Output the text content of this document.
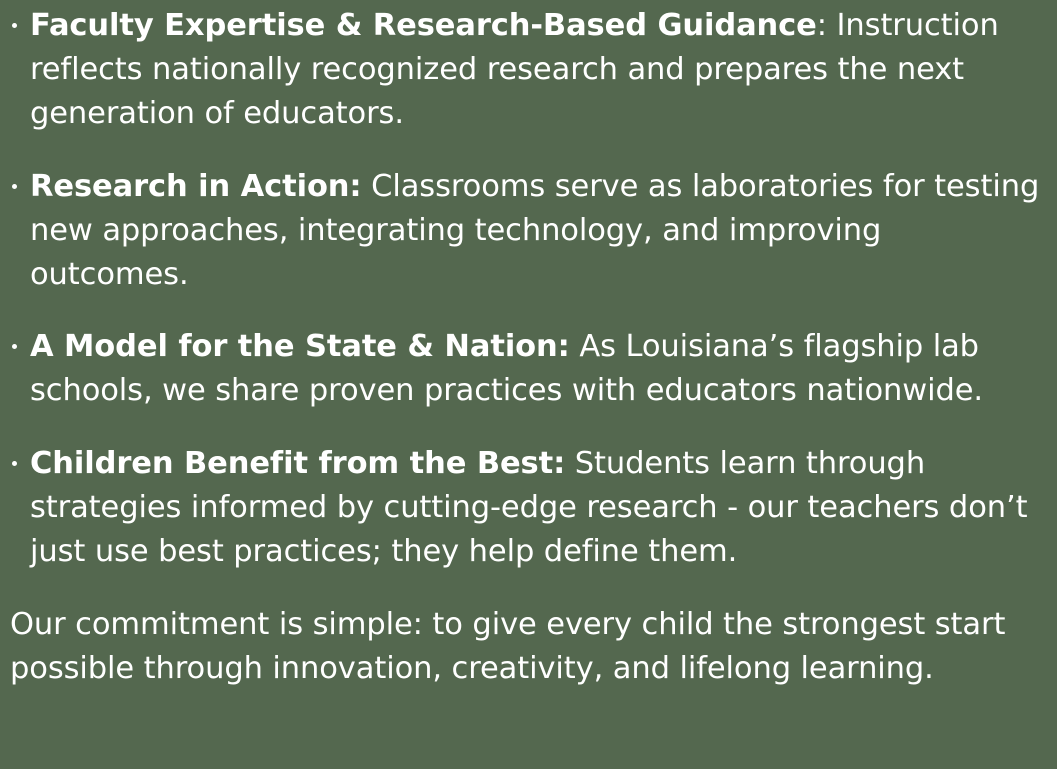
Faculty Expertise & Research-Based Guidance: Instruction reflects nationally recognized research and prepares the next generation of educators.
Research in Action: Classrooms serve as laboratories for testing new approaches, integrating technology, and improving outcomes.
A Model for the State & Nation: As Louisiana’s flagship lab schools, we share proven practices with educators nationwide.
Children Benefit from the Best: Students learn through strategies informed by cutting-edge research - our teachers don’t just use best practices; they help define them.

Our commitment is simple: to give every child the strongest start possible through innovation, creativity, and lifelong learning.
